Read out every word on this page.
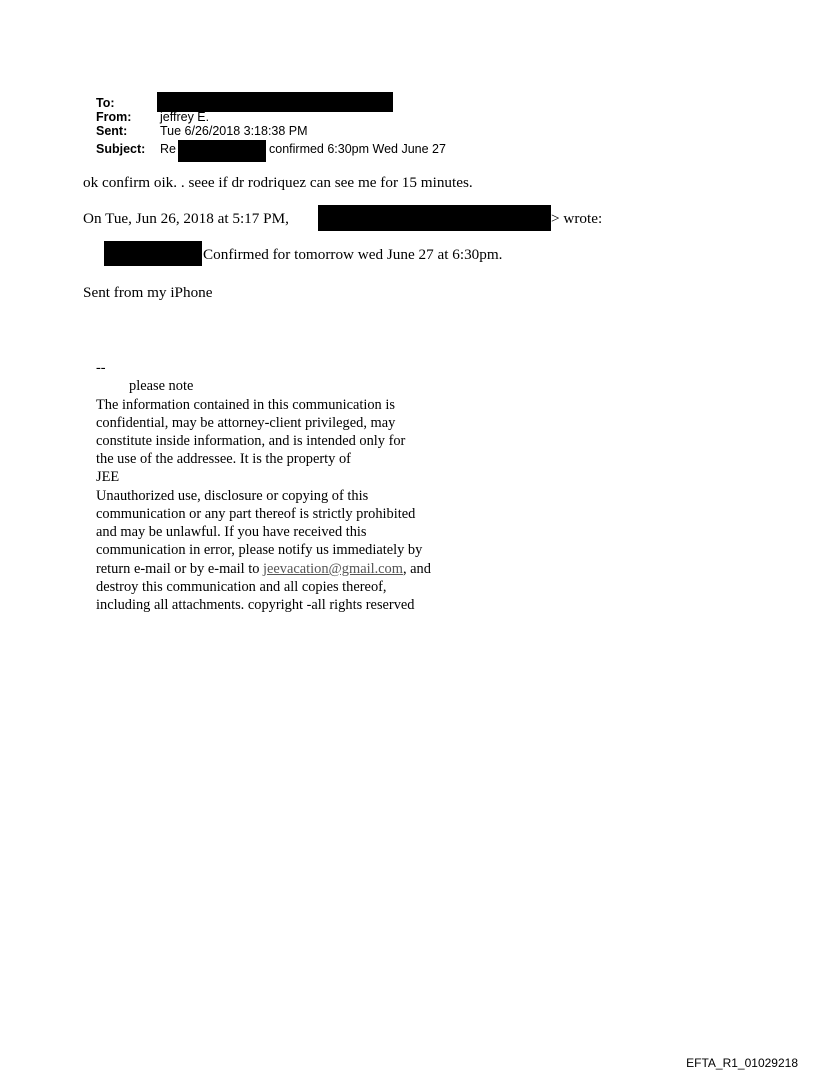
To:
From: jeffrey E.
Sent:	Tue 6/26/2018 3:18:38 PM
Subject: Re	confirmed 6:30pm Wed June 27
ok confirm oik. . seee if dr rodriquez can see me for 15 minutes.
On Tue, Jun 26, 2018 at 5:17 PM,	> wrote:
Confirmed for tomorrow wed June 27 at 6:30pm.
Sent from my iPhone
--
please note
The information contained in this communication is
confidential, may be attorney-client privileged, may
constitute inside information, and is intended only for
the use of the addressee. It is the property of
JEE
Unauthorized use, disclosure or copying of this
communication or any part thereof is strictly prohibited
and may be unlawful. If you have received this
communication in error, please notify us immediately by
return e-mail or by e-mail to jeevacation@gmail.com, and
destroy this communication and all copies thereof,
including all attachments. copyright -all rights reserved
EFTA_R1_01029218
